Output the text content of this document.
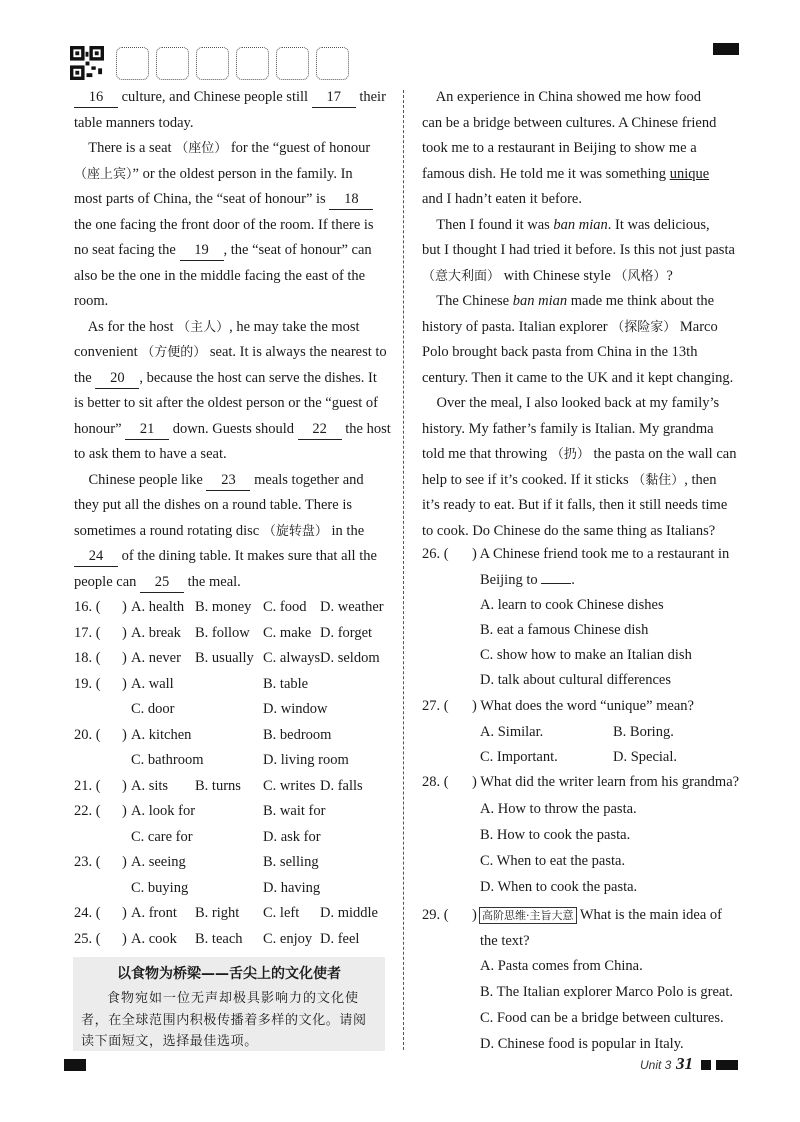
16 culture, and Chinese people still 17 their
table manners today.
There is a seat （座位） for the “guest of honour
（座上宾）” or the oldest person in the family. In
most parts of China, the “seat of honour” is 18
the one facing the front door of the room. If there is
no seat facing the 19 , the “seat of honour” can
also be the one in the middle facing the east of the
room.
As for the host （主人）, he may take the most
convenient （方便的） seat. It is always the nearest to
the 20 , because the host can serve the dishes. It
is better to sit after the oldest person or the “guest of
honour” 21 down. Guests should 22 the host
to ask them to have a seat.
Chinese people like 23 meals together and
they put all the dishes on a round table. There is
sometimes a round rotating disc （旋转盘） in the
24 of the dining table. It makes sure that all the
people can 25 the meal.
16. ( ) A. health B. money C. food D. weather
17. ( ) A. break B. follow C. make D. forget
18. ( ) A. never B. usually C. always D. seldom
19. ( ) A. wall	B. table
C. door	D. window
20. ( ) A. kitchen	B. bedroom
C. bathroom	D. living room
21. ( ) A. sits B. turns C. writes D. falls
22. ( ) A. look for	B. wait for
C. care for	D. ask for
23. ( ) A. seeing	B. selling
C. buying	D. having
24. ( ) A. front B. right C. left D. middle
25. ( ) A. cook B. teach C. enjoy D. feel
以食物为桥梁——舌尖上的文化使者
食物宛如一位无声却极具影响力的文化使
者，在全球范围内积极传播着多样的文化。请阅
读下面短文，选择最佳选项。
An experience in China showed me how food
can be a bridge between cultures. A Chinese friend
took me to a restaurant in Beijing to show me a
famous dish. He told me it was something unique
and I hadn’t eaten it before.
Then I found it was ban mian. It was delicious,
but I thought I had tried it before. Is this not just pasta
（意大利面） with Chinese style （风格）?
The Chinese ban mian made me think about the
history of pasta. Italian explorer （探险家） Marco
Polo brought back pasta from China in the 13th
century. Then it came to the UK and it kept changing.
Over the meal, I also looked back at my family’s
history. My father’s family is Italian. My grandma
told me that throwing （扔） the pasta on the wall can
help to see if it’s cooked. If it sticks （黏住）, then
it’s ready to eat. But if it falls, then it still needs time
to cook. Do Chinese do the same thing as Italians?
26. ( ) A Chinese friend took me to a restaurant in
Beijing to .
A. learn to cook Chinese dishes
B. eat a famous Chinese dish
C. show how to make an Italian dish
D. talk about cultural differences
27. ( ) What does the word “unique” mean?
A. Similar.	B. Boring.
C. Important.	D. Special.
28. ( ) What did the writer learn from his grandma?
A. How to throw the pasta.
B. How to cook the pasta.
C. When to eat the pasta.
D. When to cook the pasta.
29. ( ) 高阶思维·主旨大意 What is the main idea of
the text?
A. Pasta comes from China.
B. The Italian explorer Marco Polo is great.
C. Food can be a bridge between cultures.
D. Chinese food is popular in Italy.
Unit 3 31
